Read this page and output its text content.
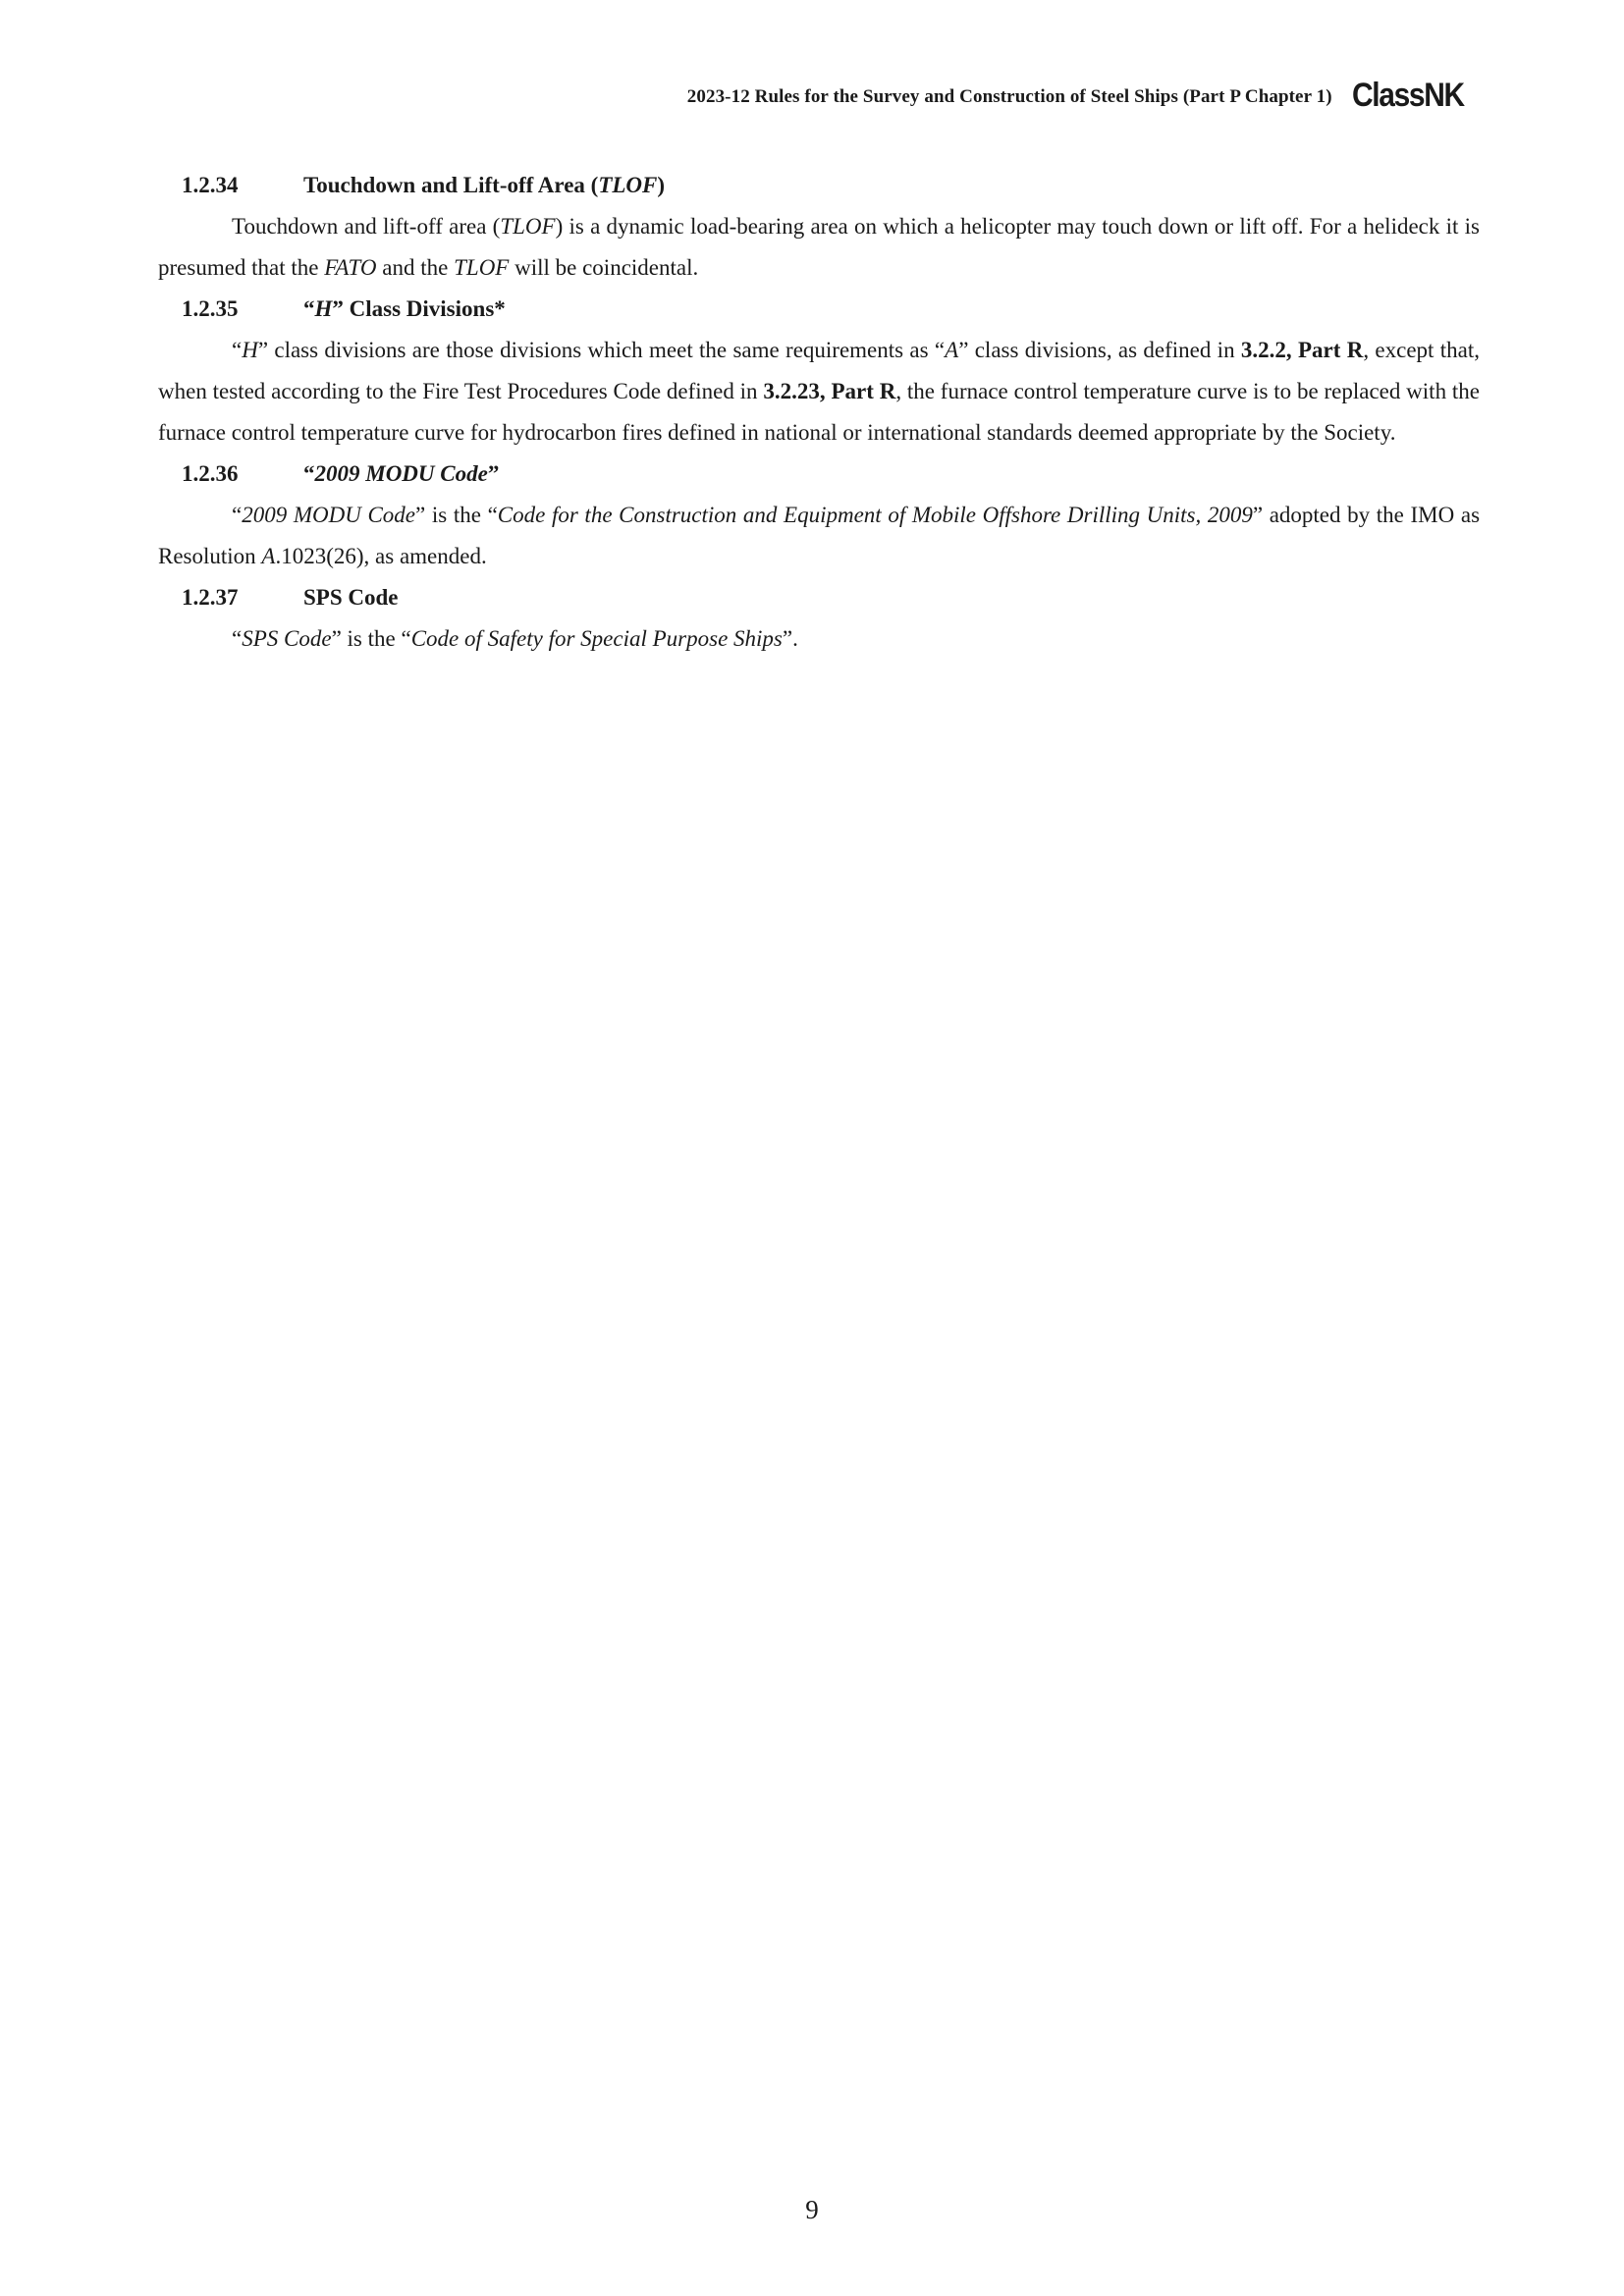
2023-12 Rules for the Survey and Construction of Steel Ships (Part P Chapter 1) ClassNK
1.2.34	Touchdown and Lift-off Area (TLOF)

Touchdown and lift-off area (TLOF) is a dynamic load-bearing area on which a helicopter may touch down or lift off. For a helideck it is presumed that the FATO and the TLOF will be coincidental.

1.2.35	“H” Class Divisions*

“H” class divisions are those divisions which meet the same requirements as “A” class divisions, as defined in 3.2.2, Part R, except that, when tested according to the Fire Test Procedures Code defined in 3.2.23, Part R, the furnace control temperature curve is to be replaced with the furnace control temperature curve for hydrocarbon fires defined in national or international standards deemed appropriate by the Society.

1.2.36	“2009 MODU Code”

“2009 MODU Code” is the “Code for the Construction and Equipment of Mobile Offshore Drilling Units, 2009” adopted by the IMO as Resolution A.1023(26), as amended.

1.2.37	SPS Code

“SPS Code” is the “Code of Safety for Special Purpose Ships”.

9
